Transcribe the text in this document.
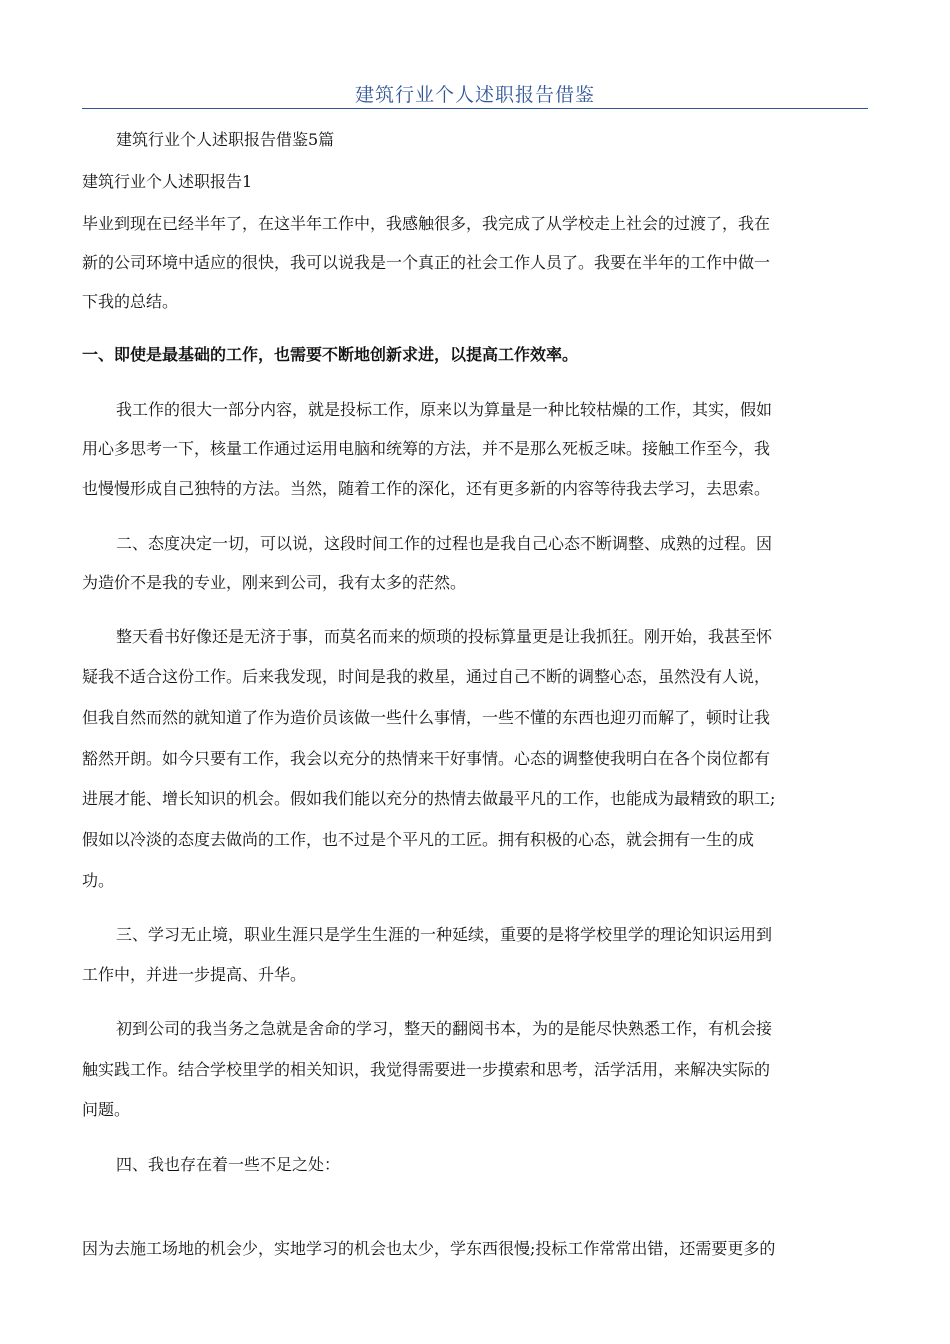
建筑行业个人述职报告借鉴
建筑行业个人述职报告借鉴5篇
建筑行业个人述职报告1
毕业到现在已经半年了，在这半年工作中，我感触很多，我完成了从学校走上社会的过渡了，我在
新的公司环境中适应的很快，我可以说我是一个真正的社会工作人员了。我要在半年的工作中做一
下我的总结。
一、即使是最基础的工作，也需要不断地创新求进，以提高工作效率。
我工作的很大一部分内容，就是投标工作，原来以为算量是一种比较枯燥的工作，其实，假如
用心多思考一下，核量工作通过运用电脑和统筹的方法，并不是那么死板乏味。接触工作至今，我
也慢慢形成自己独特的方法。当然，随着工作的深化，还有更多新的内容等待我去学习，去思索。
二、态度决定一切，可以说，这段时间工作的过程也是我自己心态不断调整、成熟的过程。因
为造价不是我的专业，刚来到公司，我有太多的茫然。
整天看书好像还是无济于事，而莫名而来的烦琐的投标算量更是让我抓狂。刚开始，我甚至怀
疑我不适合这份工作。后来我发现，时间是我的救星，通过自己不断的调整心态，虽然没有人说，
但我自然而然的就知道了作为造价员该做一些什么事情，一些不懂的东西也迎刃而解了，顿时让我
豁然开朗。如今只要有工作，我会以充分的热情来干好事情。心态的调整使我明白在各个岗位都有
进展才能、增长知识的机会。假如我们能以充分的热情去做最平凡的工作，也能成为最精致的职工;
假如以冷淡的态度去做尚的工作，也不过是个平凡的工匠。拥有积极的心态，就会拥有一生的成
功。
三、学习无止境，职业生涯只是学生生涯的一种延续，重要的是将学校里学的理论知识运用到
工作中，并进一步提高、升华。
初到公司的我当务之急就是舍命的学习，整天的翻阅书本，为的是能尽快熟悉工作，有机会接
触实践工作。结合学校里学的相关知识，我觉得需要进一步摸索和思考，活学活用，来解决实际的
问题。
四、我也存在着一些不足之处：
因为去施工场地的机会少，实地学习的机会也太少，学东西很慢;投标工作常常出错，还需要更多的
